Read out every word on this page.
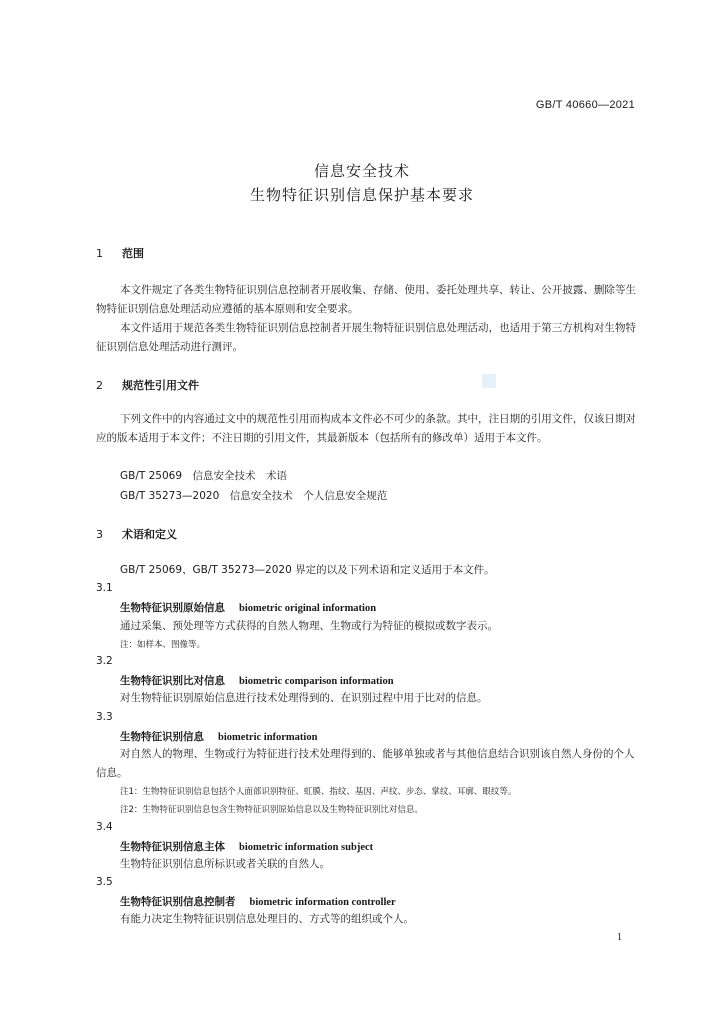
GB/T 40660—2021
信息安全技术
生物特征识别信息保护基本要求
1 范围
本文件规定了各类生物特征识别信息控制者开展收集、存储、使用、委托处理共享、转让、公开披露、删除等生物特征识别信息处理活动应遵循的基本原则和安全要求。
本文件适用于规范各类生物特征识别信息控制者开展生物特征识别信息处理活动，也适用于第三方机构对生物特征识别信息处理活动进行测评。
2 规范性引用文件
下列文件中的内容通过文中的规范性引用而构成本文件必不可少的条款。其中，注日期的引用文件，仅该日期对应的版本适用于本文件；不注日期的引用文件，其最新版本（包括所有的修改单）适用于本文件。
GB/T 25069　信息安全技术　术语
GB/T 35273—2020　信息安全技术　个人信息安全规范
3 术语和定义
GB/T 25069、GB/T 35273—2020 界定的以及下列术语和定义适用于本文件。
3.1
生物特征识别原始信息 biometric original information
通过采集、预处理等方式获得的自然人物理、生物或行为特征的模拟或数字表示。
注：如样本、图像等。
3.2
生物特征识别比对信息 biometric comparison information
对生物特征识别原始信息进行技术处理得到的、在识别过程中用于比对的信息。
3.3
生物特征识别信息 biometric information
对自然人的物理、生物或行为特征进行技术处理得到的、能够单独或者与其他信息结合识别该自然人身份的个人信息。
注1：生物特征识别信息包括个人面部识别特征、虹膜、指纹、基因、声纹、步态、掌纹、耳廓、眼纹等。
注2：生物特征识别信息包含生物特征识别原始信息以及生物特征识别比对信息。
3.4
生物特征识别信息主体 biometric information subject
生物特征识别信息所标识或者关联的自然人。
3.5
生物特征识别信息控制者 biometric information controller
有能力决定生物特征识别信息处理目的、方式等的组织或个人。
1
